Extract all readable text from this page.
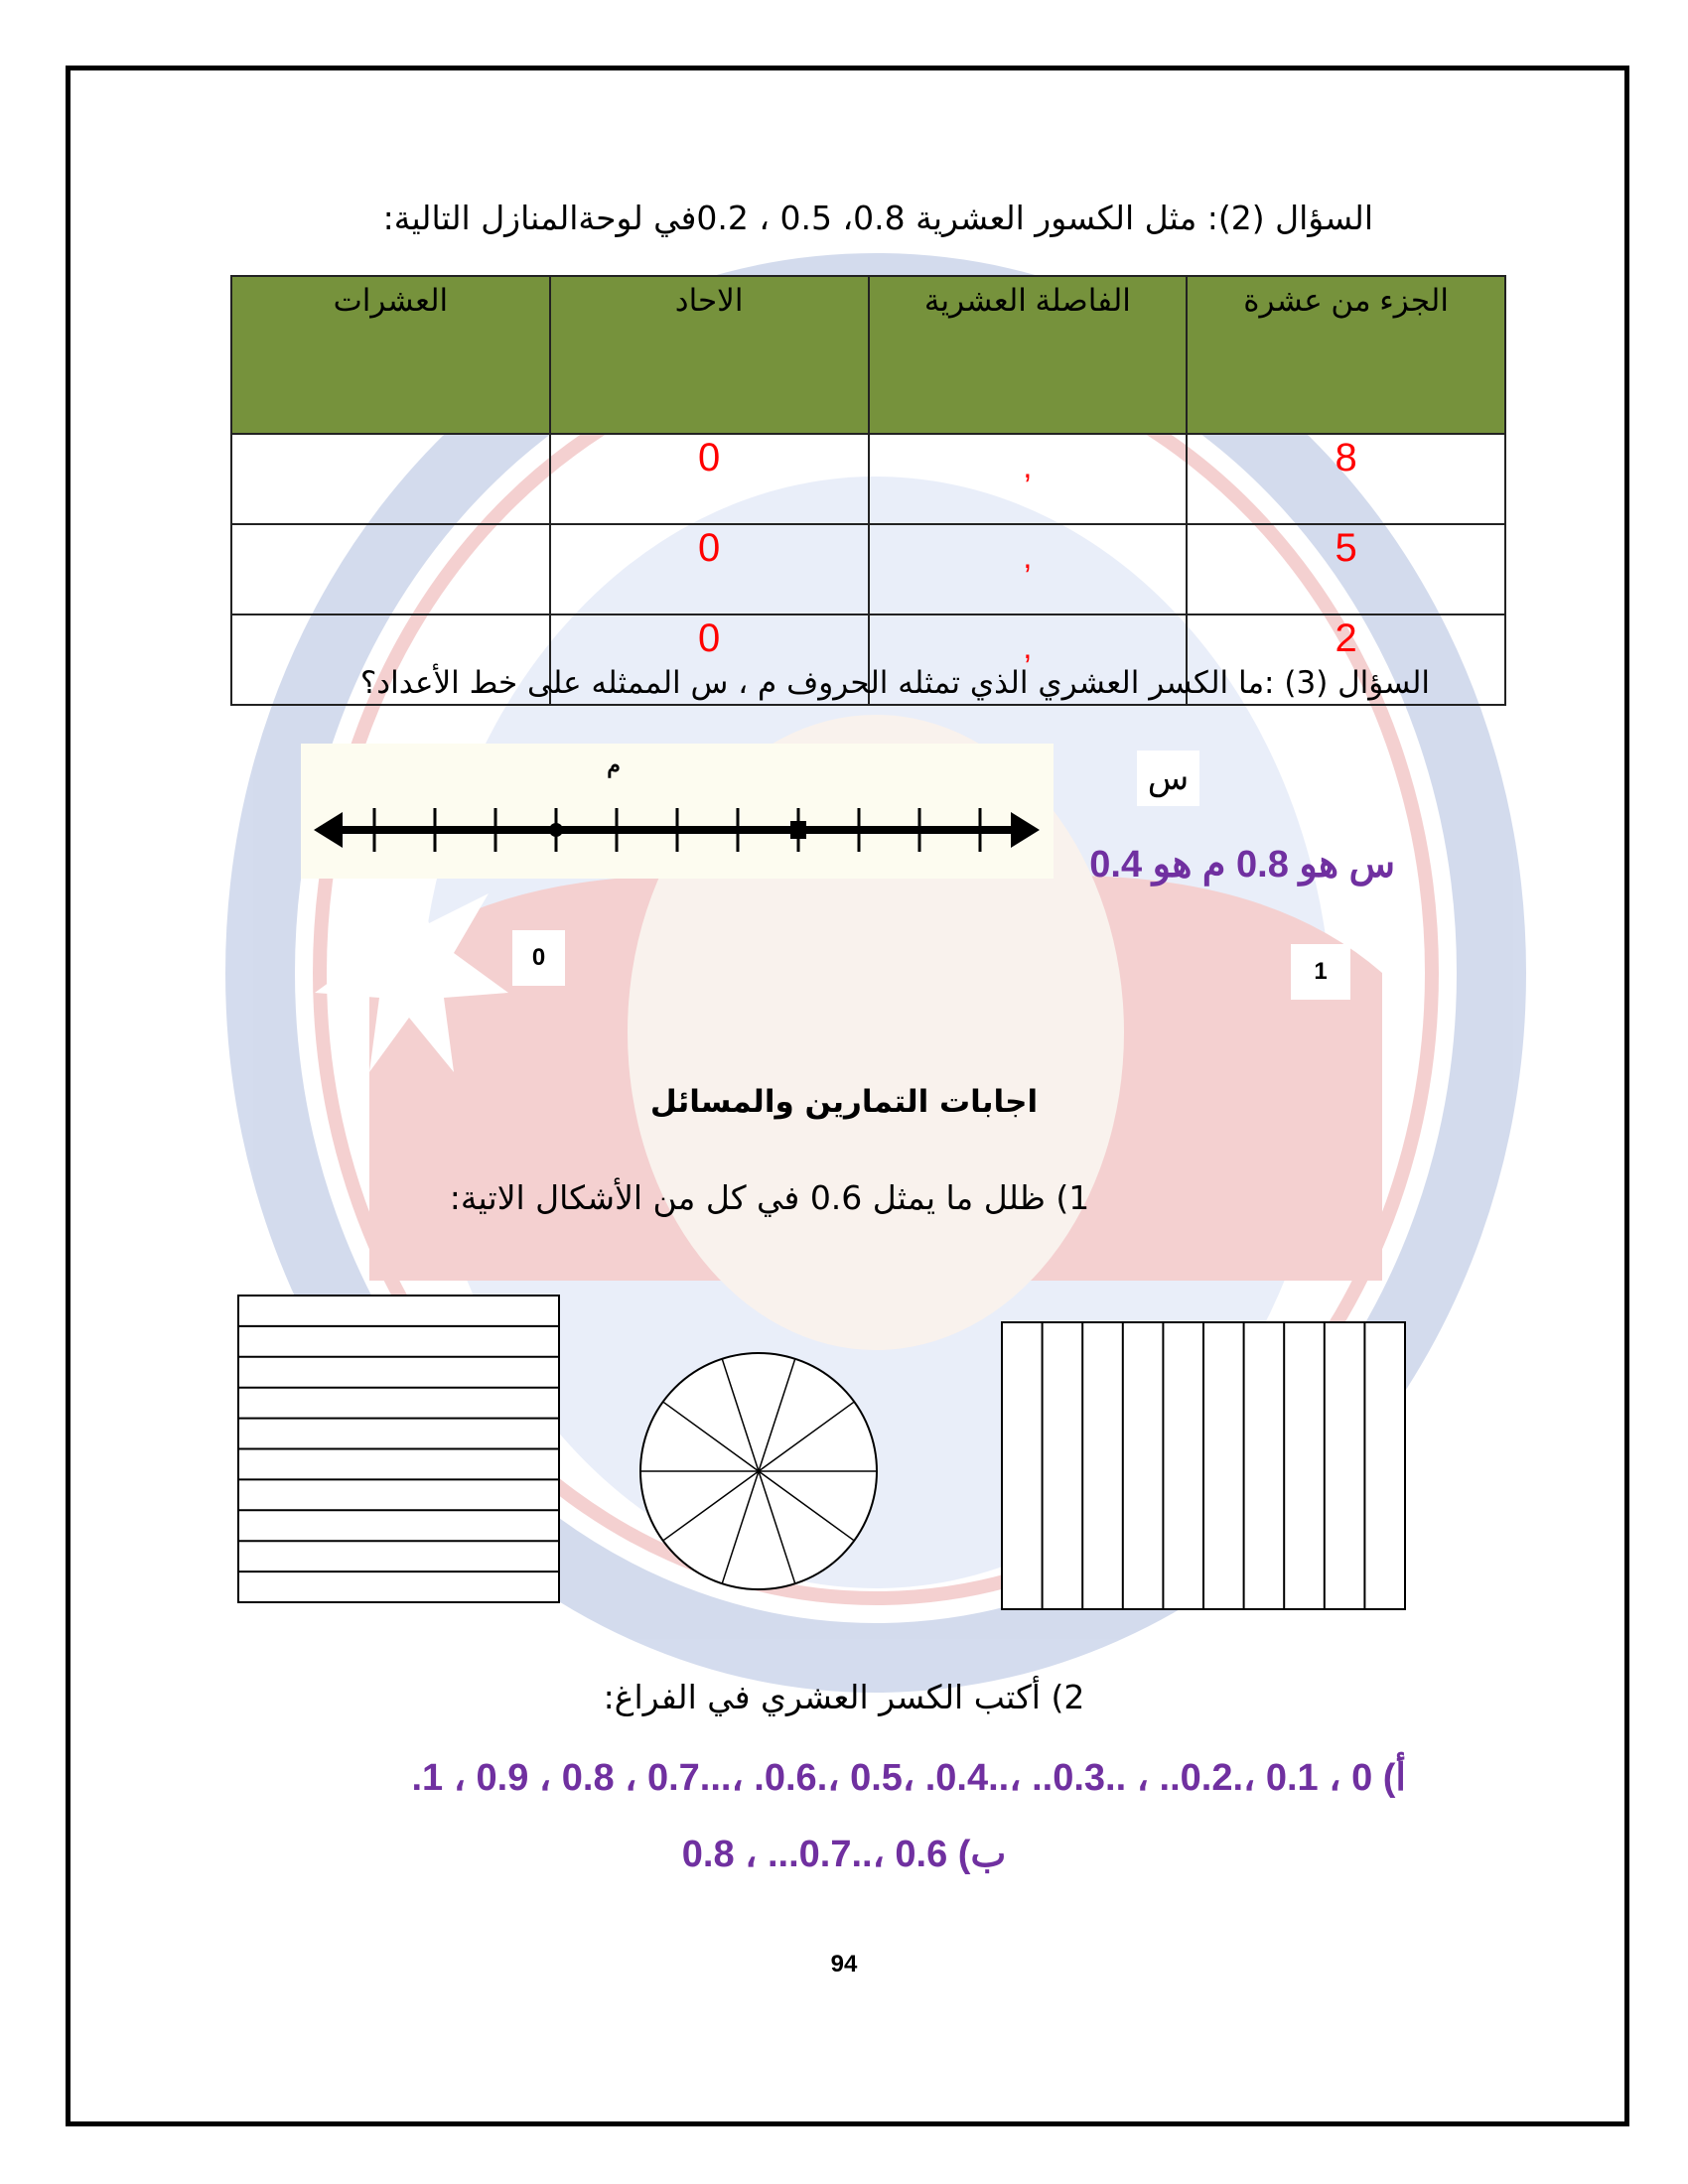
السؤال (2): مثل الكسور العشرية 0.8، 0.5 ، 0.2في لوحةالمنازل التالية:
الجزء من عشرة	الفاصلة العشرية	الاحاد	العشرات
8	,	0	
5	,	0	
2	,	0	
السؤال (3) :ما الكسر العشري الذي تمثله الحروف م ، س الممثله على خط الأعداد؟
م	س
س هو 0.8 م هو 0.4
0
1
اجابات التمارين والمسائل
1) ظلل ما يمثل 0.6 في كل من الأشكال الاتية:
2) أكتب الكسر العشري في الفراغ:
أ) 0 ، 0.1 ،.0.2.. ، ..0.3.. ،..0.4. ،0.5 ،.0.6. ،...0.7 ، 0.8 ، 0.9 ، 1.
ب) 0.6 ،..0.7... ، 0.8
94
